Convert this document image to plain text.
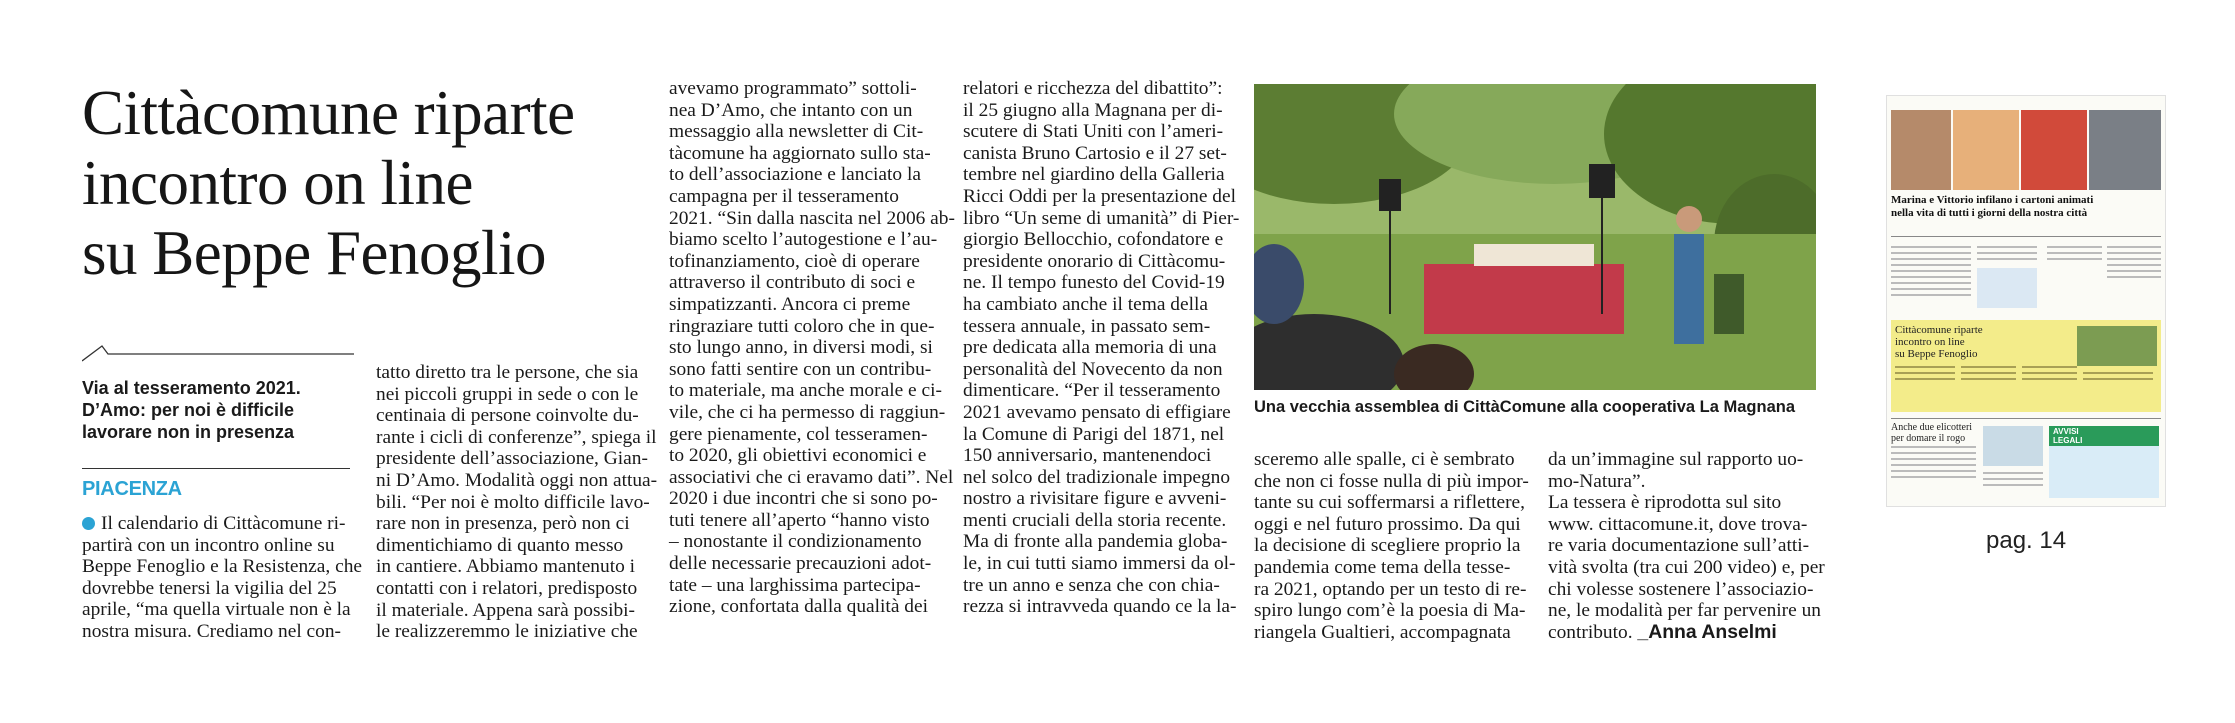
Cittàcomune riparte
incontro on line
su Beppe Fenoglio
Via al tesseramento 2021.
D’Amo: per noi è difficile
lavorare non in presenza
PIACENZA
Il calendario di Cittàcomune ri-
partirà con un incontro online su
Beppe Fenoglio e la Resistenza, che
dovrebbe tenersi la vigilia del 25
aprile, “ma quella virtuale non è la
nostra misura. Crediamo nel con-
tatto diretto tra le persone, che sia
nei piccoli gruppi in sede o con le
centinaia di persone coinvolte du-
rante i cicli di conferenze”, spiega il
presidente dell’associazione, Gian-
ni D’Amo. Modalità oggi non attua-
bili. “Per noi è molto difficile lavo-
rare non in presenza, però non ci
dimentichiamo di quanto messo
in cantiere. Abbiamo mantenuto i
contatti con i relatori, predisposto
il materiale. Appena sarà possibi-
le realizzeremmo le iniziative che
avevamo programmato” sottoli-
nea D’Amo, che intanto con un
messaggio alla newsletter di Cit-
tàcomune ha aggiornato sullo sta-
to dell’associazione e lanciato la
campagna per il tesseramento
2021. “Sin dalla nascita nel 2006 ab-
biamo scelto l’autogestione e l’au-
tofinanziamento, cioè di operare
attraverso il contributo di soci e
simpatizzanti. Ancora ci preme
ringraziare tutti coloro che in que-
sto lungo anno, in diversi modi, si
sono fatti sentire con un contribu-
to materiale, ma anche morale e ci-
vile, che ci ha permesso di raggiun-
gere pienamente, col tesseramen-
to 2020, gli obiettivi economici e
associativi che ci eravamo dati”. Nel
2020 i due incontri che si sono po-
tuti tenere all’aperto “hanno visto
– nonostante il condizionamento
delle necessarie precauzioni adot-
tate – una larghissima partecipa-
zione, confortata dalla qualità dei
relatori e ricchezza del dibattito”:
il 25 giugno alla Magnana per di-
scutere di Stati Uniti con l’ameri-
canista Bruno Cartosio e il 27 set-
tembre nel giardino della Galleria
Ricci Oddi per la presentazione del
libro “Un seme di umanità” di Pier-
giorgio Bellocchio, cofondatore e
presidente onorario di Cittàcomu-
ne. Il tempo funesto del Covid-19
ha cambiato anche il tema della
tessera annuale, in passato sem-
pre dedicata alla memoria di una
personalità del Novecento da non
dimenticare. “Per il tesseramento
2021 avevamo pensato di effigiare
la Comune di Parigi del 1871, nel
150 anniversario, mantenendoci
nel solco del tradizionale impegno
nostro a rivisitare figure e avveni-
menti cruciali della storia recente.
Ma di fronte alla pandemia globa-
le, in cui tutti siamo immersi da ol-
tre un anno e senza che con chia-
rezza si intravveda quando ce la la-
Una vecchia assemblea di CittàComune alla cooperativa La Magnana
sceremo alle spalle, ci è sembrato
che non ci fosse nulla di più impor-
tante su cui soffermarsi a riflettere,
oggi e nel futuro prossimo. Da qui
la decisione di scegliere proprio la
pandemia come tema della tesse-
ra 2021, optando per un testo di re-
spiro lungo com’è la poesia di Ma-
riangela Gualtieri, accompagnata
da un’immagine sul rapporto uo-
mo-Natura”.
La tessera è riprodotta sul sito
www. cittacomune.it, dove trova-
re varia documentazione sull’atti-
vità svolta (tra cui 200 video) e, per
chi volesse sostenere l’associazio-
ne, le modalità per far pervenire un
contributo. _Anna Anselmi
Marina e Vittorio infilano i cartoni animati
nella vita di tutti i giorni della nostra città
Cittàcomune riparte
incontro on line
su Beppe Fenoglio
Anche due elicotteri
per domare il rogo
AVVISI
LEGALI
pag. 14
